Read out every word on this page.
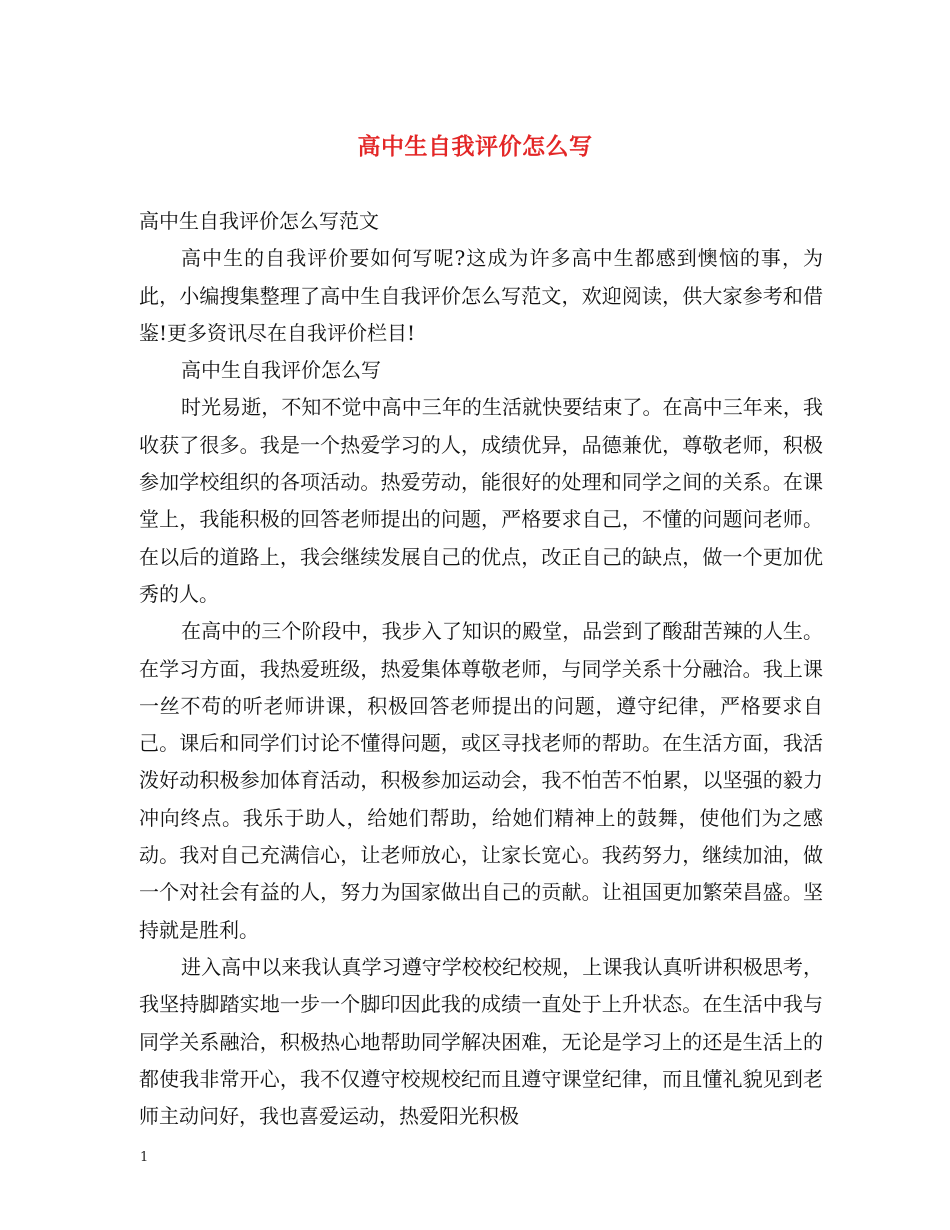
高中生自我评价怎么写

高中生自我评价怎么写范文

高中生的自我评价要如何写呢?这成为许多高中生都感到懊恼的事，为此，小编搜集整理了高中生自我评价怎么写范文，欢迎阅读，供大家参考和借鉴!更多资讯尽在自我评价栏目!

高中生自我评价怎么写

时光易逝，不知不觉中高中三年的生活就快要结束了。在高中三年来，我收获了很多。我是一个热爱学习的人，成绩优异，品德兼优，尊敬老师，积极参加学校组织的各项活动。热爱劳动，能很好的处理和同学之间的关系。在课堂上，我能积极的回答老师提出的问题，严格要求自己，不懂的问题问老师。在以后的道路上，我会继续发展自己的优点，改正自己的缺点，做一个更加优秀的人。

在高中的三个阶段中，我步入了知识的殿堂，品尝到了酸甜苦辣的人生。在学习方面，我热爱班级，热爱集体尊敬老师，与同学关系十分融洽。我上课一丝不苟的听老师讲课，积极回答老师提出的问题，遵守纪律，严格要求自己。课后和同学们讨论不懂得问题，或区寻找老师的帮助。在生活方面，我活泼好动积极参加体育活动，积极参加运动会，我不怕苦不怕累，以坚强的毅力冲向终点。我乐于助人，给她们帮助，给她们精神上的鼓舞，使他们为之感动。我对自己充满信心，让老师放心，让家长宽心。我药努力，继续加油，做一个对社会有益的人，努力为国家做出自己的贡献。让祖国更加繁荣昌盛。坚持就是胜利。

进入高中以来我认真学习遵守学校校纪校规，上课我认真听讲积极思考，我坚持脚踏实地一步一个脚印因此我的成绩一直处于上升状态。在生活中我与同学关系融洽，积极热心地帮助同学解决困难，无论是学习上的还是生活上的都使我非常开心，我不仅遵守校规校纪而且遵守课堂纪律，而且懂礼貌见到老师主动问好，我也喜爱运动，热爱阳光积极

1
